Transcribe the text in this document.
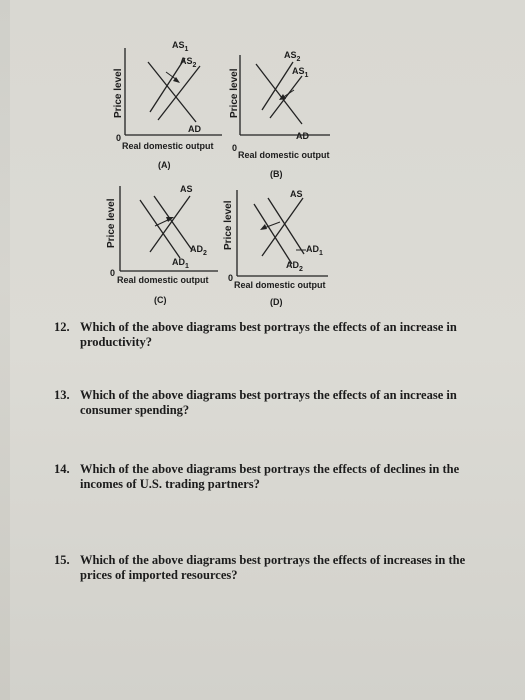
Price level
$AS_1$
$AS_2$
AD
0
Real domestic output
(A)
Price level
$AS_2$
$AS_1$
AD
0
Real domestic output
(B)
Price level
AS
$AD_2$
$AD_1$
0
Real domestic output
(C)
Price level
AS
$AD_1$
$AD_2$
0
Real domestic output
(D)
12. Which of the above diagrams best portrays the effects of an increase in
productivity?
13. Which of the above diagrams best portrays the effects of an increase in
consumer spending?
14. Which of the above diagrams best portrays the effects of declines in the
incomes of U.S. trading partners?
15. Which of the above diagrams best portrays the effects of increases in the
prices of imported resources?
